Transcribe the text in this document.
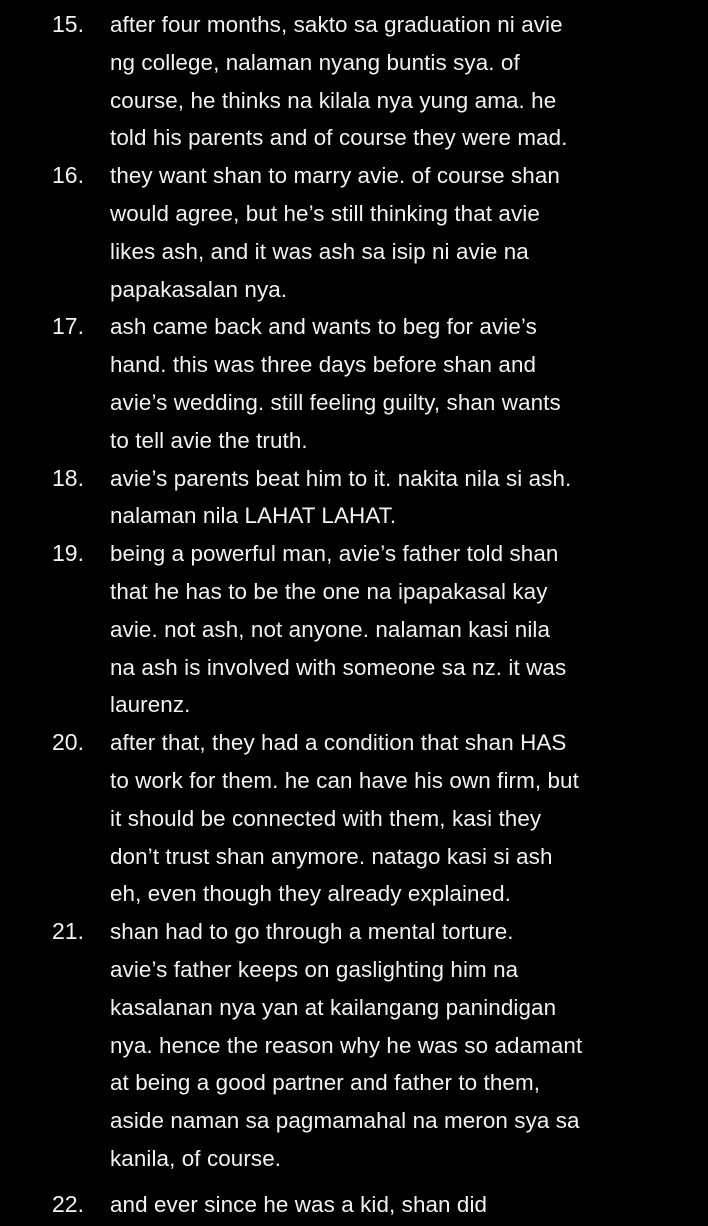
15.	after four months, sakto sa graduation ni avie
ng college, nalaman nyang buntis sya. of
course, he thinks na kilala nya yung ama. he
told his parents and of course they were mad.
16.	they want shan to marry avie. of course shan
would agree, but he’s still thinking that avie
likes ash, and it was ash sa isip ni avie na
papakasalan nya.
17.	ash came back and wants to beg for avie’s
hand. this was three days before shan and
avie’s wedding. still feeling guilty, shan wants
to tell avie the truth.
18.	avie’s parents beat him to it. nakita nila si ash.
nalaman nila LAHAT LAHAT.
19.	being a powerful man, avie’s father told shan
that he has to be the one na ipapakasal kay
avie. not ash, not anyone. nalaman kasi nila
na ash is involved with someone sa nz. it was
laurenz.
20.	after that, they had a condition that shan HAS
to work for them. he can have his own firm, but
it should be connected with them, kasi they
don’t trust shan anymore. natago kasi si ash
eh, even though they already explained.
21.	shan had to go through a mental torture.
avie’s father keeps on gaslighting him na
kasalanan nya yan at kailangang panindigan
nya. hence the reason why he was so adamant
at being a good partner and father to them,
aside naman sa pagmamahal na meron sya sa
kanila, of course.
22.	and ever since he was a kid, shan did
